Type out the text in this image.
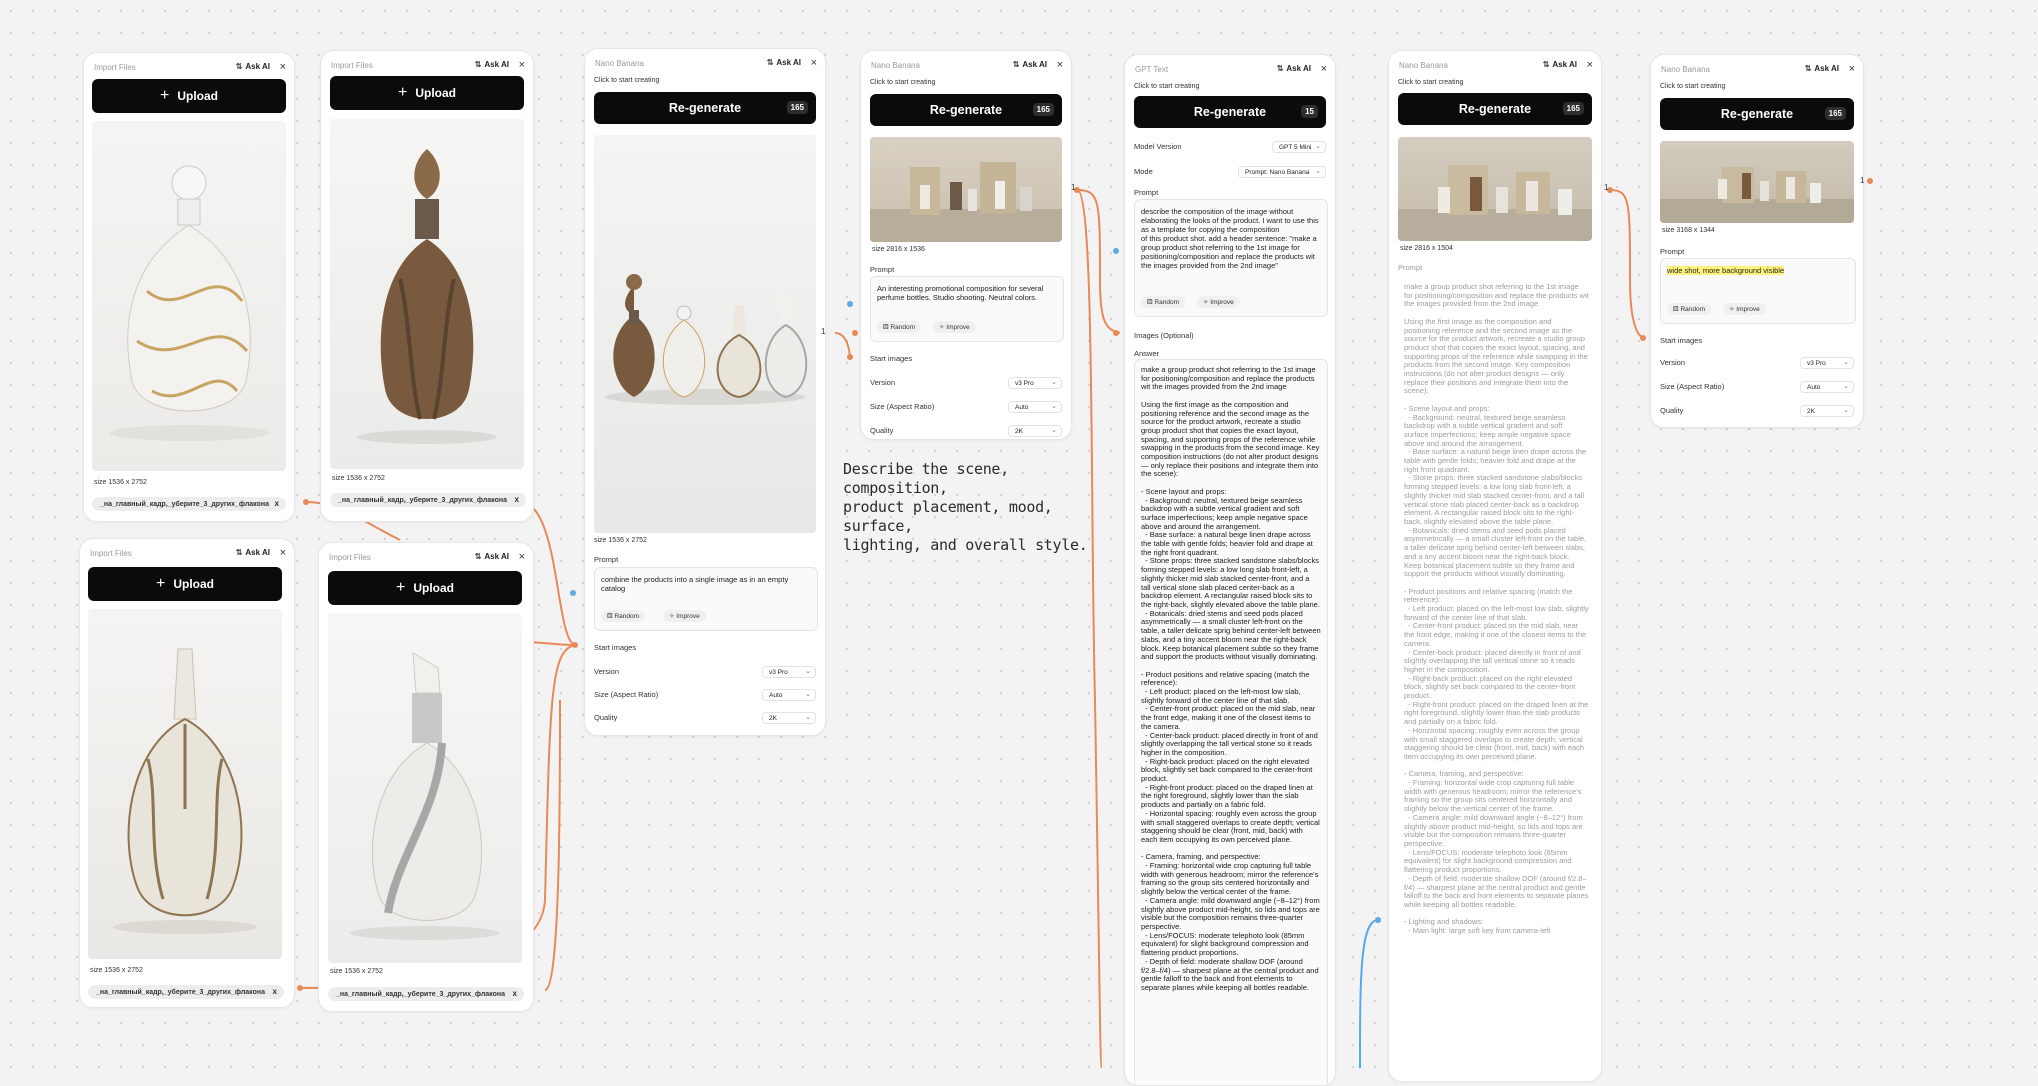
Import Files	⇅ Ask AI ×
+ Upload
size 1536 x 2752
_на_главный_кадр,_уберите_3_других_флакона x
Import Files	⇅ Ask AI ×
+ Upload
size 1536 x 2752
_на_главный_кадр,_уберите_3_других_флакона x
Import Files	⇅ Ask AI ×
+ Upload
size 1536 x 2752
_на_главный_кадр,_уберите_3_других_флакона x
Import Files	⇅ Ask AI ×
+ Upload
size 1536 x 2752
_на_главный_кадр,_уберите_3_других_флакона x
Nano Banana	⇅ Ask AI ×
Click to start creating
Re-generate	165
size 1536 x 2752
Prompt
combine the products into a single image as in an empty catalog
⚄ Random	✧ Improve
Start images
Version	v3 Pro ⌄
Size (Aspect Ratio)	Auto	⌄
Quality	2K	⌄
1
Nano Banana	⇅ Ask AI ×
Click to start creating
Re-generate	165
size 2816 x 1536
Prompt
An interesting promotional composition for several perfume bottles. Studio shooting. Neutral colors.
⚄ Random	✧ Improve
Start images
Version	v3 Pro ⌄
Size (Aspect Ratio)	Auto	⌄
Quality	2K	⌄
1
Describe the scene, composition,
product placement, mood, surface,
lighting, and overall style.
GPT Text	⇅ Ask AI ×
Click to start creating
Re-generate	15
Model Version	GPT 5 Mini ⌄
Mode	Prompt: Nano Banana ⌄
Prompt
describe the composition of the image without elaborating the looks of the product. I want to use this as a template for copying the composition
of this product shot. add a header sentence: "make a group product shot referring to the 1st image for positioning/composition and replace the products wit the images provided from the 2nd image"
⚄ Random	✧ Improve
Images (Optional)
Answer
make a group product shot referring to the 1st image for positioning/composition and replace the products wit the images provided from the 2nd image

Using the first image as the composition and positioning reference and the second image as the source for the product artwork, recreate a studio group product shot that copies the exact layout, spacing, and supporting props of the reference while swapping in the products from the second image. Key composition instructions (do not alter product designs — only replace their positions and integrate them into the scene):

- Scene layout and props:
- Background: neutral, textured beige seamless backdrop with a subtle vertical gradient and soft surface imperfections; keep ample negative space above and around the arrangement.
- Base surface: a natural beige linen drape across the table with gentle folds; heavier fold and drape at the right front quadrant.
- Stone props: three stacked sandstone slabs/blocks forming stepped levels: a low long slab front-left, a slightly thicker mid slab stacked center-front, and a tall vertical stone slab placed center-back as a backdrop element. A rectangular raised block sits to the right-back, slightly elevated above the table plane.
- Botanicals: dried stems and seed pods placed asymmetrically — a small cluster left-front on the table, a taller delicate sprig behind center-left between slabs, and a tiny accent bloom near the right-back block. Keep botanical placement subtle so they frame and support the products without visually dominating.

- Product positions and relative spacing (match the reference):
- Left product: placed on the left-most low slab, slightly forward of the center line of that slab.
- Center-front product: placed on the mid slab, near the front edge, making it one of the closest items to the camera.
- Center-back product: placed directly in front of and slightly overlapping the tall vertical stone so it reads higher in the composition.
- Right-back product: placed on the right elevated block, slightly set back compared to the center-front product.
- Right-front product: placed on the draped linen at the right foreground, slightly lower than the slab products and partially on a fabric fold.
- Horizontal spacing: roughly even across the group with small staggered overlaps to create depth; vertical staggering should be clear (front, mid, back) with each item occupying its own perceived plane.

- Camera, framing, and perspective:
- Framing: horizontal wide crop capturing full table width with generous headroom; mirror the reference's framing so the group sits centered horizontally and slightly below the vertical center of the frame.
- Camera angle: mild downward angle (~8–12°) from slightly above product mid-height, so lids and tops are visible but the composition remains three-quarter perspective.
- Lens/FOCUS: moderate telephoto look (85mm equivalent) for slight background compression and flattering product proportions.
- Depth of field: moderate shallow DOF (around f/2.8–f/4) — sharpest plane at the central product and gentle falloff to the back and front elements to separate planes while keeping all bottles readable.
1
Nano Banana	⇅ Ask AI ×
Click to start creating
Re-generate	165
size 2816 x 1504
Prompt
make a group product shot referring to the 1st image for positioning/composition and replace the products wit the images provided from the 2nd image

Using the first image as the composition and positioning reference and the second image as the source for the product artwork, recreate a studio group product shot that copies the exact layout, spacing, and supporting props of the reference while swapping in the products from the second image. Key composition instructions (do not alter product designs — only replace their positions and integrate them into the scene):

- Scene layout and props:
- Background: neutral, textured beige seamless backdrop with a subtle vertical gradient and soft surface imperfections; keep ample negative space above and around the arrangement.
- Base surface: a natural beige linen drape across the table with gentle folds; heavier fold and drape at the right front quadrant.
- Stone props: three stacked sandstone slabs/blocks forming stepped levels: a low long slab front-left, a slightly thicker mid slab stacked center-front, and a tall vertical stone slab placed center-back as a backdrop element. A rectangular raised block sits to the right-back, slightly elevated above the table plane.
- Botanicals: dried stems and seed pods placed asymmetrically — a small cluster left-front on the table, a taller delicate sprig behind center-left between slabs, and a tiny accent bloom near the right-back block. Keep botanical placement subtle so they frame and support the products without visually dominating.

- Product positions and relative spacing (match the reference):
- Left product: placed on the left-most low slab, slightly forward of the center line of that slab.
- Center-front product: placed on the mid slab, near the front edge, making it one of the closest items to the camera.
- Center-back product: placed directly in front of and slightly overlapping the tall vertical stone so it reads higher in the composition.
- Right-back product: placed on the right elevated block, slightly set back compared to the center-front product.
- Right-front product: placed on the draped linen at the right foreground, slightly lower than the slab products and partially on a fabric fold.
- Horizontal spacing: roughly even across the group with small staggered overlaps to create depth; vertical staggering should be clear (front, mid, back) with each item occupying its own perceived plane.

- Camera, framing, and perspective:
- Framing: horizontal wide crop capturing full table width with generous headroom; mirror the reference's framing so the group sits centered horizontally and slightly below the vertical center of the frame.
- Camera angle: mild downward angle (~8–12°) from slightly above product mid-height, so lids and tops are visible but the composition remains three-quarter perspective.
- Lens/FOCUS: moderate telephoto look (85mm equivalent) for slight background compression and flattering product proportions.
- Depth of field: moderate shallow DOF (around f/2.8–f/4) — sharpest plane at the central product and gentle falloff to the back and front elements to separate planes while keeping all bottles readable.

- Lighting and shadows:
- Main light: large soft key from camera-left
Nano Banana	⇅ Ask AI ×
Click to start creating
Re-generate	165
size 3168 x 1344
Prompt
wide shot, more background visible
⚄ Random	✧ Improve
Start images
Version	v3 Pro ⌄
Size (Aspect Ratio)	Auto	⌄
Quality	2K	⌄
1
